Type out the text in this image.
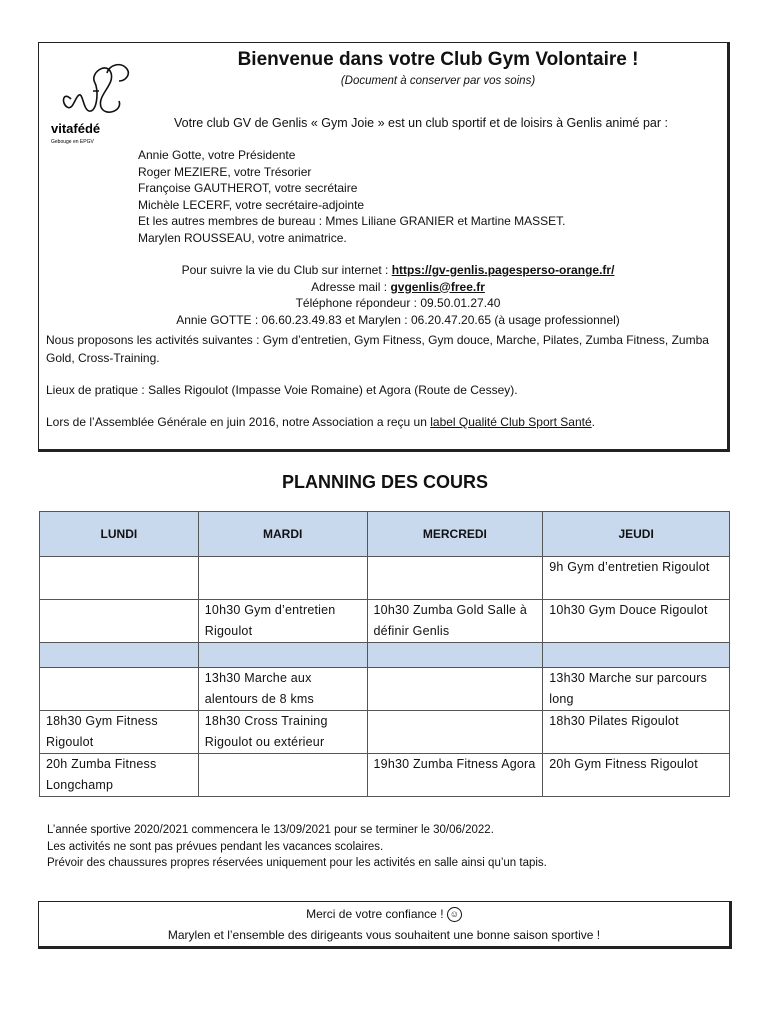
vitafédé
Gebouge en EPGV
Bienvenue dans votre Club Gym Volontaire !
(Document à conserver par vos soins)
Votre club GV de Genlis « Gym Joie » est un club sportif et de loisirs à Genlis animé par :
Annie Gotte, votre Présidente
Roger MEZIERE, votre Trésorier
Françoise GAUTHEROT, votre secrétaire
Michèle LECERF, votre secrétaire-adjointe
Et les autres membres de bureau : Mmes Liliane GRANIER et Martine MASSET.
Marylen ROUSSEAU, votre animatrice.
Pour suivre la vie du Club sur internet : https://gv-genlis.pagesperso-orange.fr/
Adresse mail : gvgenlis@free.fr
Téléphone répondeur : 09.50.01.27.40
Annie GOTTE : 06.60.23.49.83 et Marylen : 06.20.47.20.65 (à usage professionnel)
Nous proposons les activités suivantes : Gym d’entretien, Gym Fitness, Gym douce, Marche, Pilates, Zumba Fitness, Zumba Gold, Cross-Training.
Lieux de pratique : Salles Rigoulot (Impasse Voie Romaine) et Agora (Route de Cessey).
Lors de l’Assemblée Générale en juin 2016, notre Association a reçu un label Qualité Club Sport Santé.
PLANNING DES COURS
LUNDI	MARDI	MERCREDI	JEUDI
			9h Gym d’entretien Rigoulot
	10h30 Gym d’entretien Rigoulot	10h30 Zumba Gold Salle à définir Genlis	10h30 Gym Douce Rigoulot

	13h30 Marche aux alentours de 8 kms		13h30 Marche sur parcours long
18h30 Gym Fitness Rigoulot	18h30 Cross Training Rigoulot ou extérieur		18h30 Pilates Rigoulot
20h Zumba Fitness Longchamp		19h30 Zumba Fitness Agora	20h Gym Fitness Rigoulot
L’année sportive 2020/2021 commencera le 13/09/2021 pour se terminer le 30/06/2022.
Les activités ne sont pas prévues pendant les vacances scolaires.
Prévoir des chaussures propres réservées uniquement pour les activités en salle ainsi qu’un tapis.
Merci de votre confiance ! ☺
Marylen et l’ensemble des dirigeants vous souhaitent une bonne saison sportive !
